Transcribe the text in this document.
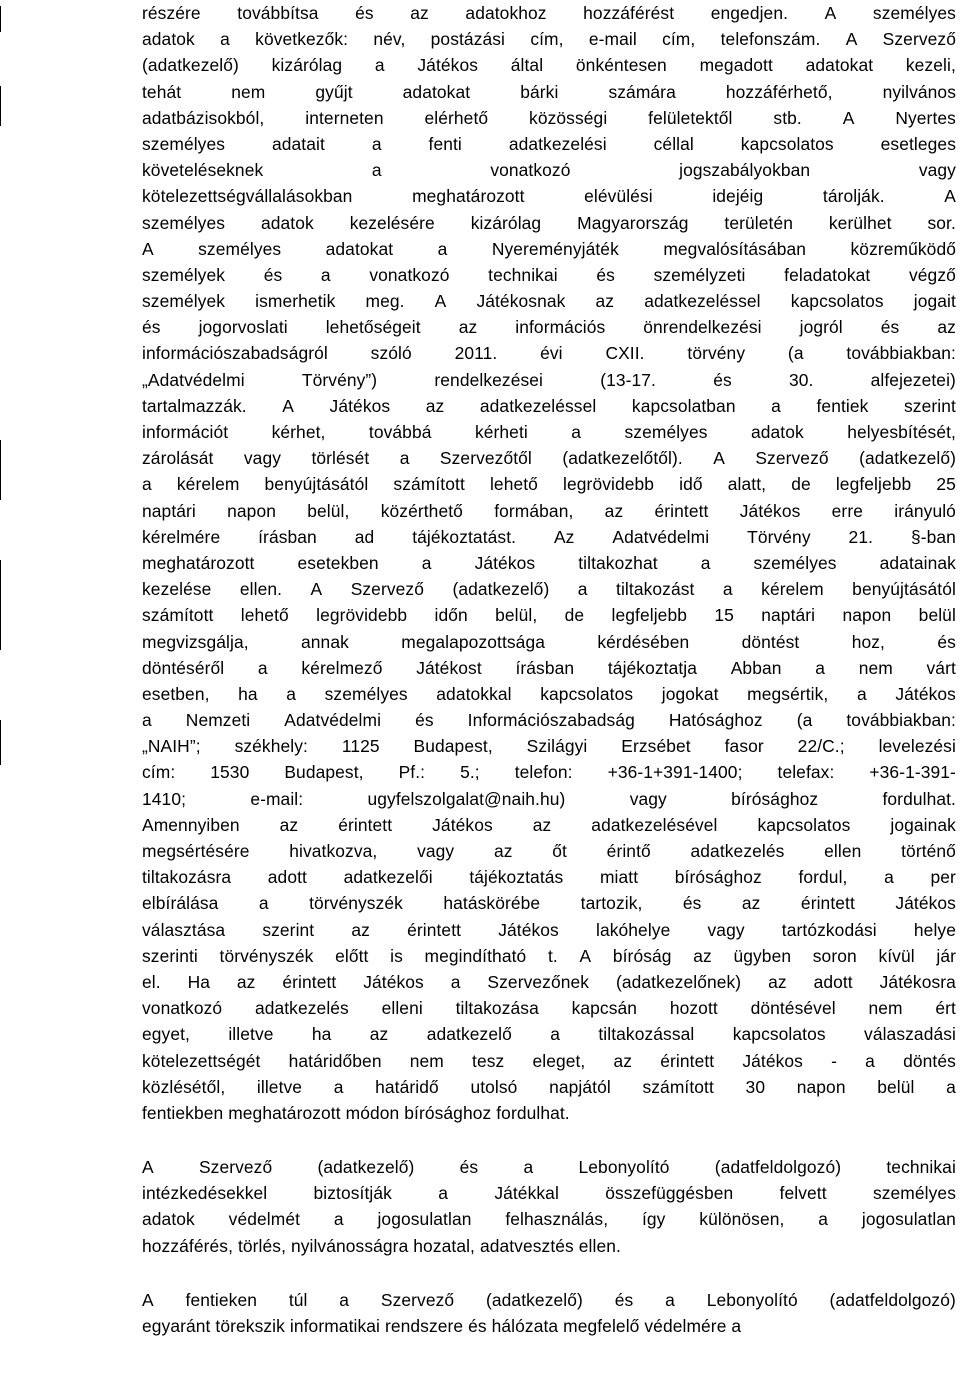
részére továbbítsa és az adatokhoz hozzáférést engedjen. A személyes
adatok a következők: név, postázási cím, e-mail cím, telefonszám. A Szervező
(adatkezelő) kizárólag a Játékos által önkéntesen megadott adatokat kezeli,
tehát	nem	gyűjt	adatokat	bárki	számára	hozzáférhető,	nyilvános
adatbázisokból, interneten elérhető közösségi felületektől stb. A Nyertes
személyes	adatait	a	fenti	adatkezelési	céllal	kapcsolatos	esetleges
követeléseknek	a	vonatkozó	jogszabályokban	vagy
kötelezettségvállalásokban	meghatározott	elévülési	idejéig	tárolják.	A
személyes adatok kezelésére kizárólag Magyarország területén kerülhet sor.
A	személyes	adatokat	a	Nyereményjáték	megvalósításában	közreműködő
személyek és a vonatkozó technikai és személyzeti feladatokat végző
személyek ismerhetik meg. A Játékosnak az adatkezeléssel kapcsolatos jogait
és jogorvoslati lehetőségeit az információs önrendelkezési jogról és az
információszabadságról szóló 2011. évi CXII. törvény (a továbbiakban:
„Adatvédelmi	Törvény”)	rendelkezései	(13-17.	és	30.	alfejezetei)
tartalmazzák. A Játékos az adatkezeléssel kapcsolatban a fentiek szerint
információt kérhet, továbbá kérheti a személyes adatok helyesbítését,
zárolását vagy törlését a Szervezőtől (adatkezelőtől). A Szervező (adatkezelő)
a kérelem benyújtásától számított lehető legrövidebb idő alatt, de legfeljebb 25
naptári napon belül, közérthető formában, az érintett Játékos erre irányuló
kérelmére írásban ad tájékoztatást. Az Adatvédelmi Törvény 21. §-ban
meghatározott esetekben a Játékos tiltakozhat a személyes adatainak
kezelése ellen. A Szervező (adatkezelő) a tiltakozást a kérelem benyújtásától
számított lehető legrövidebb időn belül, de legfeljebb 15 naptári napon belül
megvizsgálja,	annak	megalapozottsága	kérdésében	döntést	hoz,	és
döntéséről a kérelmező Játékost írásban tájékoztatja Abban a nem várt
esetben, ha a személyes adatokkal kapcsolatos jogokat megsértik, a Játékos
a Nemzeti Adatvédelmi és Információszabadság Hatósághoz (a továbbiakban:
„NAIH”; székhely: 1125 Budapest, Szilágyi Erzsébet fasor 22/C.; levelezési
cím: 1530 Budapest, Pf.: 5.; telefon: +36-1+391-1400; telefax: +36-1-391-
1410;	e-mail:	ugyfelszolgalat@naih.hu)	vagy	bírósághoz	fordulhat.
Amennyiben az érintett Játékos az adatkezelésével kapcsolatos jogainak
megsértésére hivatkozva, vagy az őt érintő adatkezelés ellen történő
tiltakozásra adott adatkezelői tájékoztatás miatt bírósághoz fordul, a per
elbírálása a törvényszék hatáskörébe tartozik, és az érintett Játékos
választása szerint az érintett Játékos lakóhelye vagy tartózkodási helye
szerinti törvényszék előtt is megindítható t. A bíróság az ügyben soron kívül jár
el. Ha az érintett Játékos a Szervezőnek (adatkezelőnek) az adott Játékosra
vonatkozó adatkezelés elleni tiltakozása kapcsán hozott döntésével nem ért
egyet, illetve ha az adatkezelő a tiltakozással kapcsolatos válaszadási
kötelezettségét határidőben nem tesz eleget, az érintett Játékos - a döntés
közlésétől, illetve a határidő utolsó napjától számított 30 napon belül a
fentiekben meghatározott módon bírósághoz fordulhat.
A	Szervező	(adatkezelő)	és	a	Lebonyolító	(adatfeldolgozó)	technikai
intézkedésekkel	biztosítják	a	Játékkal	összefüggésben	felvett	személyes
adatok védelmét a jogosulatlan felhasználás, így különösen, a jogosulatlan
hozzáférés, törlés, nyilvánosságra hozatal, adatvesztés ellen.
A fentieken túl a Szervező (adatkezelő) és a Lebonyolító (adatfeldolgozó)
egyaránt törekszik informatikai rendszere és hálózata megfelelő védelmére a
